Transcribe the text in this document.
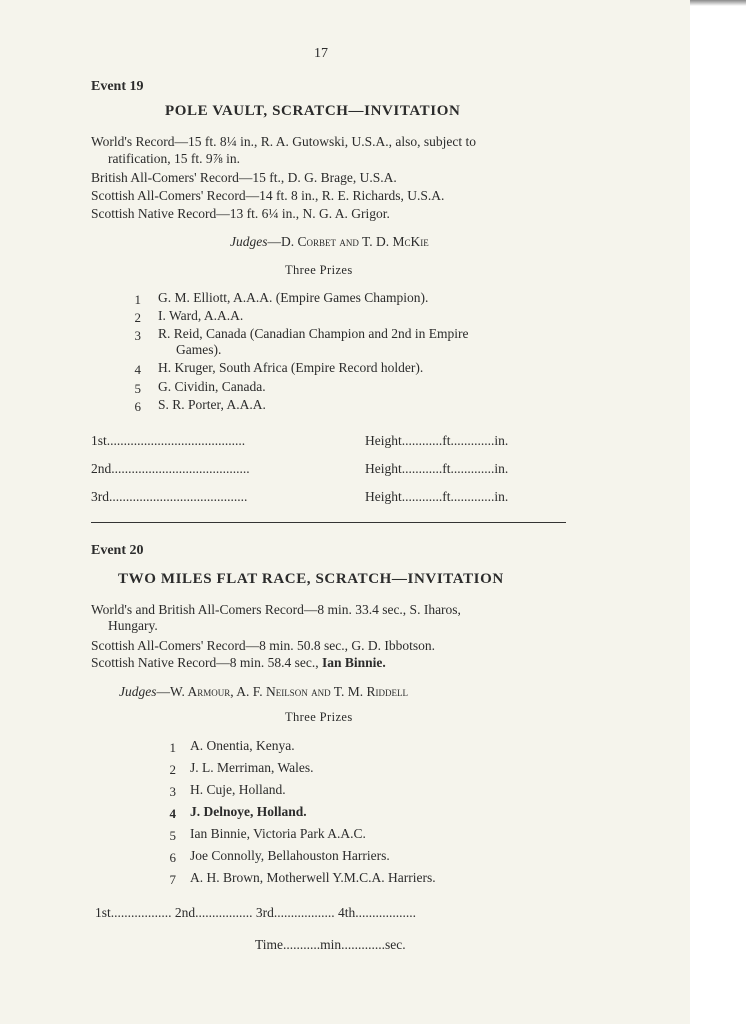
17
Event 19
POLE VAULT, SCRATCH—INVITATION
World's Record—15 ft. 8¼ in., R. A. Gutowski, U.S.A., also, subject to
ratification, 15 ft. 9⅞ in.
British All-Comers' Record—15 ft., D. G. Brage, U.S.A.
Scottish All-Comers' Record—14 ft. 8 in., R. E. Richards, U.S.A.
Scottish Native Record—13 ft. 6¼ in., N. G. A. Grigor.
Judges—D. Corbet and T. D. McKie
Three Prizes
1 G. M. Elliott, A.A.A. (Empire Games Champion).
2 I. Ward, A.A.A.
3 R. Reid, Canada (Canadian Champion and 2nd in Empire
Games).
4 H. Kruger, South Africa (Empire Record holder).
5 G. Cividin, Canada.
6 S. R. Porter, A.A.A.
1st.........................................	Height............ft.............in.
2nd.........................................	Height............ft.............in.
3rd.........................................	Height............ft.............in.
Event 20
TWO MILES FLAT RACE, SCRATCH—INVITATION
World's and British All-Comers Record—8 min. 33.4 sec., S. Iharos,
Hungary.
Scottish All-Comers' Record—8 min. 50.8 sec., G. D. Ibbotson.
Scottish Native Record—8 min. 58.4 sec., Ian Binnie.
Judges—W. Armour, A. F. Neilson and T. M. Riddell
Three Prizes
1 A. Onentia, Kenya.
2 J. L. Merriman, Wales.
3 H. Cuje, Holland.
4 J. Delnoye, Holland.
5 Ian Binnie, Victoria Park A.A.C.
6 Joe Connolly, Bellahouston Harriers.
7 A. H. Brown, Motherwell Y.M.C.A. Harriers.
1st.................. 2nd................. 3rd.................. 4th..................
Time...........min.............sec.
